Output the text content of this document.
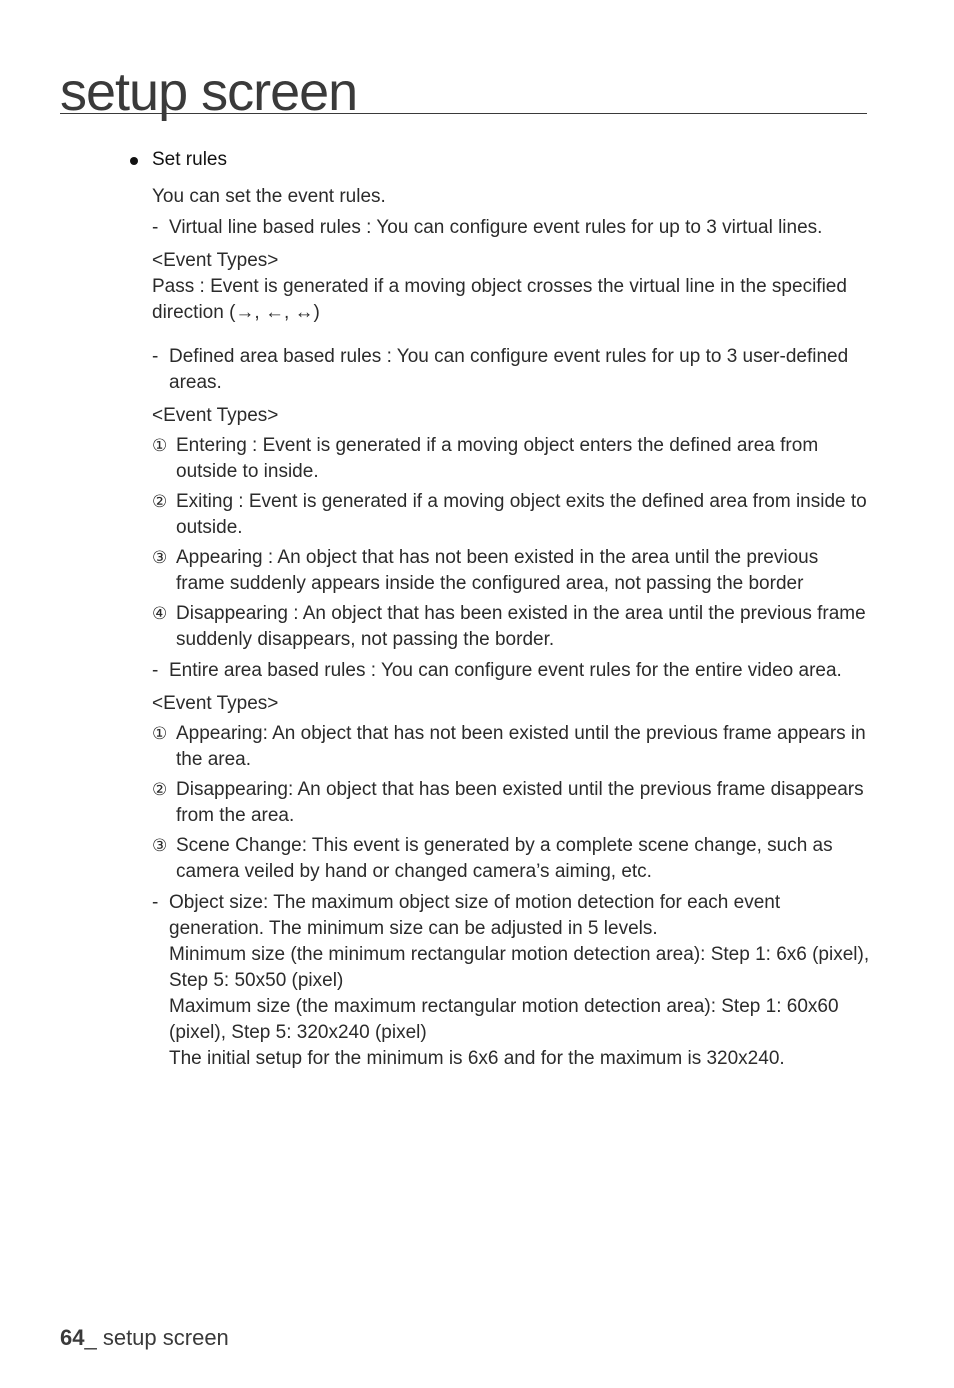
setup screen
Set rules
You can set the event rules.
- Virtual line based rules : You can configure event rules for up to 3 virtual lines.
<Event Types>
Pass : Event is generated if a moving object crosses the virtual line in the specified direction (→, ←, ↔)
- Defined area based rules : You can configure event rules for up to 3 user-defined areas.
<Event Types>
① Entering : Event is generated if a moving object enters the defined area from outside to inside.
② Exiting : Event is generated if a moving object exits the defined area from inside to outside.
③ Appearing : An object that has not been existed in the area until the previous frame suddenly appears inside the configured area, not passing the border
④ Disappearing : An object that has been existed in the area until the previous frame suddenly disappears, not passing the border.
- Entire area based rules : You can configure event rules for the entire video area.
<Event Types>
① Appearing: An object that has not been existed until the previous frame appears in the area.
② Disappearing: An object that has been existed until the previous frame disappears from the area.
③ Scene Change: This event is generated by a complete scene change, such as camera veiled by hand or changed camera’s aiming, etc.
- Object size: The maximum object size of motion detection for each event generation. The minimum size can be adjusted in 5 levels.
Minimum size (the minimum rectangular motion detection area): Step 1: 6x6 (pixel), Step 5: 50x50 (pixel)
Maximum size (the maximum rectangular motion detection area): Step 1: 60x60 (pixel), Step 5: 320x240 (pixel)
The initial setup for the minimum is 6x6 and for the maximum is 320x240.
64_ setup screen
